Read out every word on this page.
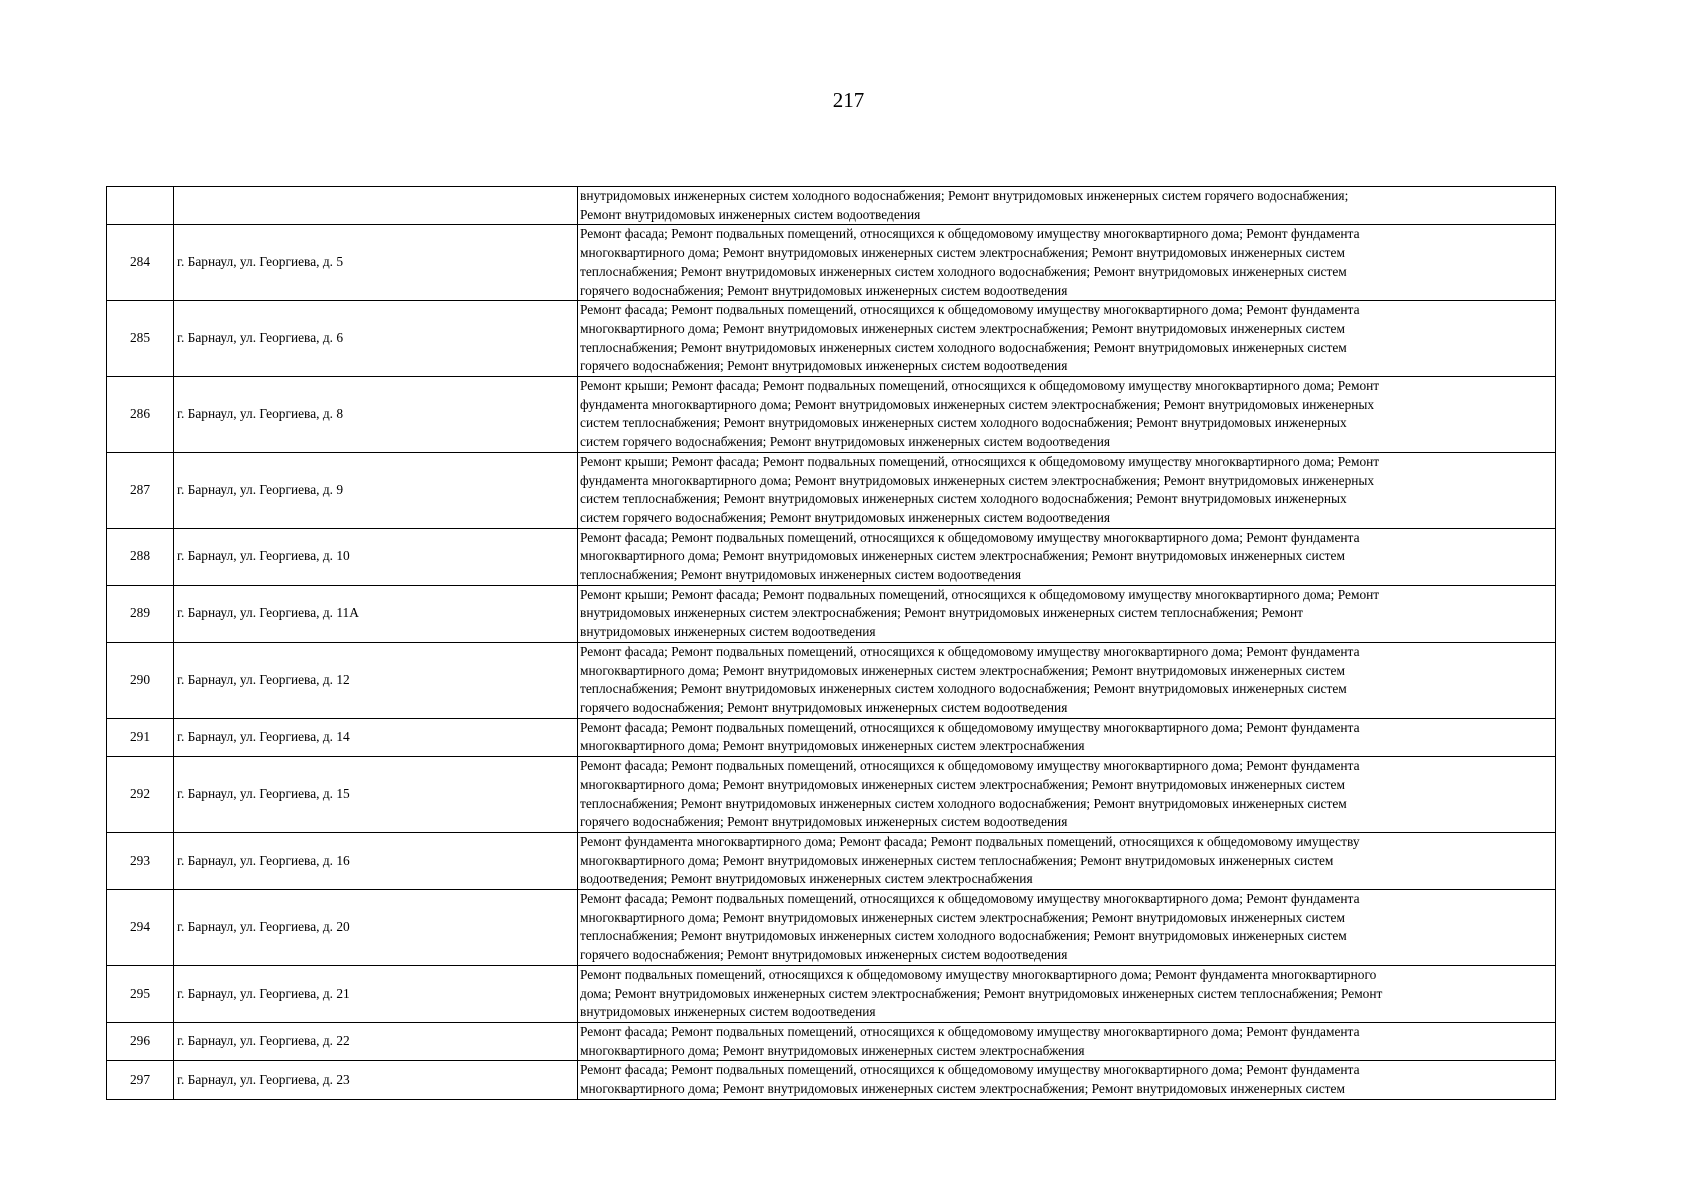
217

		внутридомовых инженерных систем холодного водоснабжения; Ремонт внутридомовых инженерных систем горячего водоснабжения;
Ремонт внутридомовых инженерных систем водоотведения

284	г. Барнаул, ул. Георгиева, д. 5	Ремонт фасада; Ремонт подвальных помещений, относящихся к общедомовому имуществу многоквартирного дома; Ремонт фундамента
многоквартирного дома; Ремонт внутридомовых инженерных систем электроснабжения; Ремонт внутридомовых инженерных систем
теплоснабжения; Ремонт внутридомовых инженерных систем холодного водоснабжения; Ремонт внутридомовых инженерных систем
горячего водоснабжения; Ремонт внутридомовых инженерных систем водоотведения

285	г. Барнаул, ул. Георгиева, д. 6	Ремонт фасада; Ремонт подвальных помещений, относящихся к общедомовому имуществу многоквартирного дома; Ремонт фундамента
многоквартирного дома; Ремонт внутридомовых инженерных систем электроснабжения; Ремонт внутридомовых инженерных систем
теплоснабжения; Ремонт внутридомовых инженерных систем холодного водоснабжения; Ремонт внутридомовых инженерных систем
горячего водоснабжения; Ремонт внутридомовых инженерных систем водоотведения

286	г. Барнаул, ул. Георгиева, д. 8	Ремонт крыши; Ремонт фасада; Ремонт подвальных помещений, относящихся к общедомовому имуществу многоквартирного дома; Ремонт
фундамента многоквартирного дома; Ремонт внутридомовых инженерных систем электроснабжения; Ремонт внутридомовых инженерных
систем теплоснабжения; Ремонт внутридомовых инженерных систем холодного водоснабжения; Ремонт внутридомовых инженерных
систем горячего водоснабжения; Ремонт внутридомовых инженерных систем водоотведения

287	г. Барнаул, ул. Георгиева, д. 9	Ремонт крыши; Ремонт фасада; Ремонт подвальных помещений, относящихся к общедомовому имуществу многоквартирного дома; Ремонт
фундамента многоквартирного дома; Ремонт внутридомовых инженерных систем электроснабжения; Ремонт внутридомовых инженерных
систем теплоснабжения; Ремонт внутридомовых инженерных систем холодного водоснабжения; Ремонт внутридомовых инженерных
систем горячего водоснабжения; Ремонт внутридомовых инженерных систем водоотведения

288	г. Барнаул, ул. Георгиева, д. 10	Ремонт фасада; Ремонт подвальных помещений, относящихся к общедомовому имуществу многоквартирного дома; Ремонт фундамента
многоквартирного дома; Ремонт внутридомовых инженерных систем электроснабжения; Ремонт внутридомовых инженерных систем
теплоснабжения; Ремонт внутридомовых инженерных систем водоотведения

289	г. Барнаул, ул. Георгиева, д. 11А	Ремонт крыши; Ремонт фасада; Ремонт подвальных помещений, относящихся к общедомовому имуществу многоквартирного дома; Ремонт
внутридомовых инженерных систем электроснабжения; Ремонт внутридомовых инженерных систем теплоснабжения; Ремонт
внутридомовых инженерных систем водоотведения

290	г. Барнаул, ул. Георгиева, д. 12	Ремонт фасада; Ремонт подвальных помещений, относящихся к общедомовому имуществу многоквартирного дома; Ремонт фундамента
многоквартирного дома; Ремонт внутридомовых инженерных систем электроснабжения; Ремонт внутридомовых инженерных систем
теплоснабжения; Ремонт внутридомовых инженерных систем холодного водоснабжения; Ремонт внутридомовых инженерных систем
горячего водоснабжения; Ремонт внутридомовых инженерных систем водоотведения

291	г. Барнаул, ул. Георгиева, д. 14	Ремонт фасада; Ремонт подвальных помещений, относящихся к общедомовому имуществу многоквартирного дома; Ремонт фундамента
многоквартирного дома; Ремонт внутридомовых инженерных систем электроснабжения

292	г. Барнаул, ул. Георгиева, д. 15	Ремонт фасада; Ремонт подвальных помещений, относящихся к общедомовому имуществу многоквартирного дома; Ремонт фундамента
многоквартирного дома; Ремонт внутридомовых инженерных систем электроснабжения; Ремонт внутридомовых инженерных систем
теплоснабжения; Ремонт внутридомовых инженерных систем холодного водоснабжения; Ремонт внутридомовых инженерных систем
горячего водоснабжения; Ремонт внутридомовых инженерных систем водоотведения

293	г. Барнаул, ул. Георгиева, д. 16	Ремонт фундамента многоквартирного дома; Ремонт фасада; Ремонт подвальных помещений, относящихся к общедомовому имуществу
многоквартирного дома; Ремонт внутридомовых инженерных систем теплоснабжения; Ремонт внутридомовых инженерных систем
водоотведения; Ремонт внутридомовых инженерных систем электроснабжения

294	г. Барнаул, ул. Георгиева, д. 20	Ремонт фасада; Ремонт подвальных помещений, относящихся к общедомовому имуществу многоквартирного дома; Ремонт фундамента
многоквартирного дома; Ремонт внутридомовых инженерных систем электроснабжения; Ремонт внутридомовых инженерных систем
теплоснабжения; Ремонт внутридомовых инженерных систем холодного водоснабжения; Ремонт внутридомовых инженерных систем
горячего водоснабжения; Ремонт внутридомовых инженерных систем водоотведения

295	г. Барнаул, ул. Георгиева, д. 21	Ремонт подвальных помещений, относящихся к общедомовому имуществу многоквартирного дома; Ремонт фундамента многоквартирного
дома; Ремонт внутридомовых инженерных систем электроснабжения; Ремонт внутридомовых инженерных систем теплоснабжения; Ремонт
внутридомовых инженерных систем водоотведения

296	г. Барнаул, ул. Георгиева, д. 22	Ремонт фасада; Ремонт подвальных помещений, относящихся к общедомовому имуществу многоквартирного дома; Ремонт фундамента
многоквартирного дома; Ремонт внутридомовых инженерных систем электроснабжения

297	г. Барнаул, ул. Георгиева, д. 23	Ремонт фасада; Ремонт подвальных помещений, относящихся к общедомовому имуществу многоквартирного дома; Ремонт фундамента
многоквартирного дома; Ремонт внутридомовых инженерных систем электроснабжения; Ремонт внутридомовых инженерных систем
